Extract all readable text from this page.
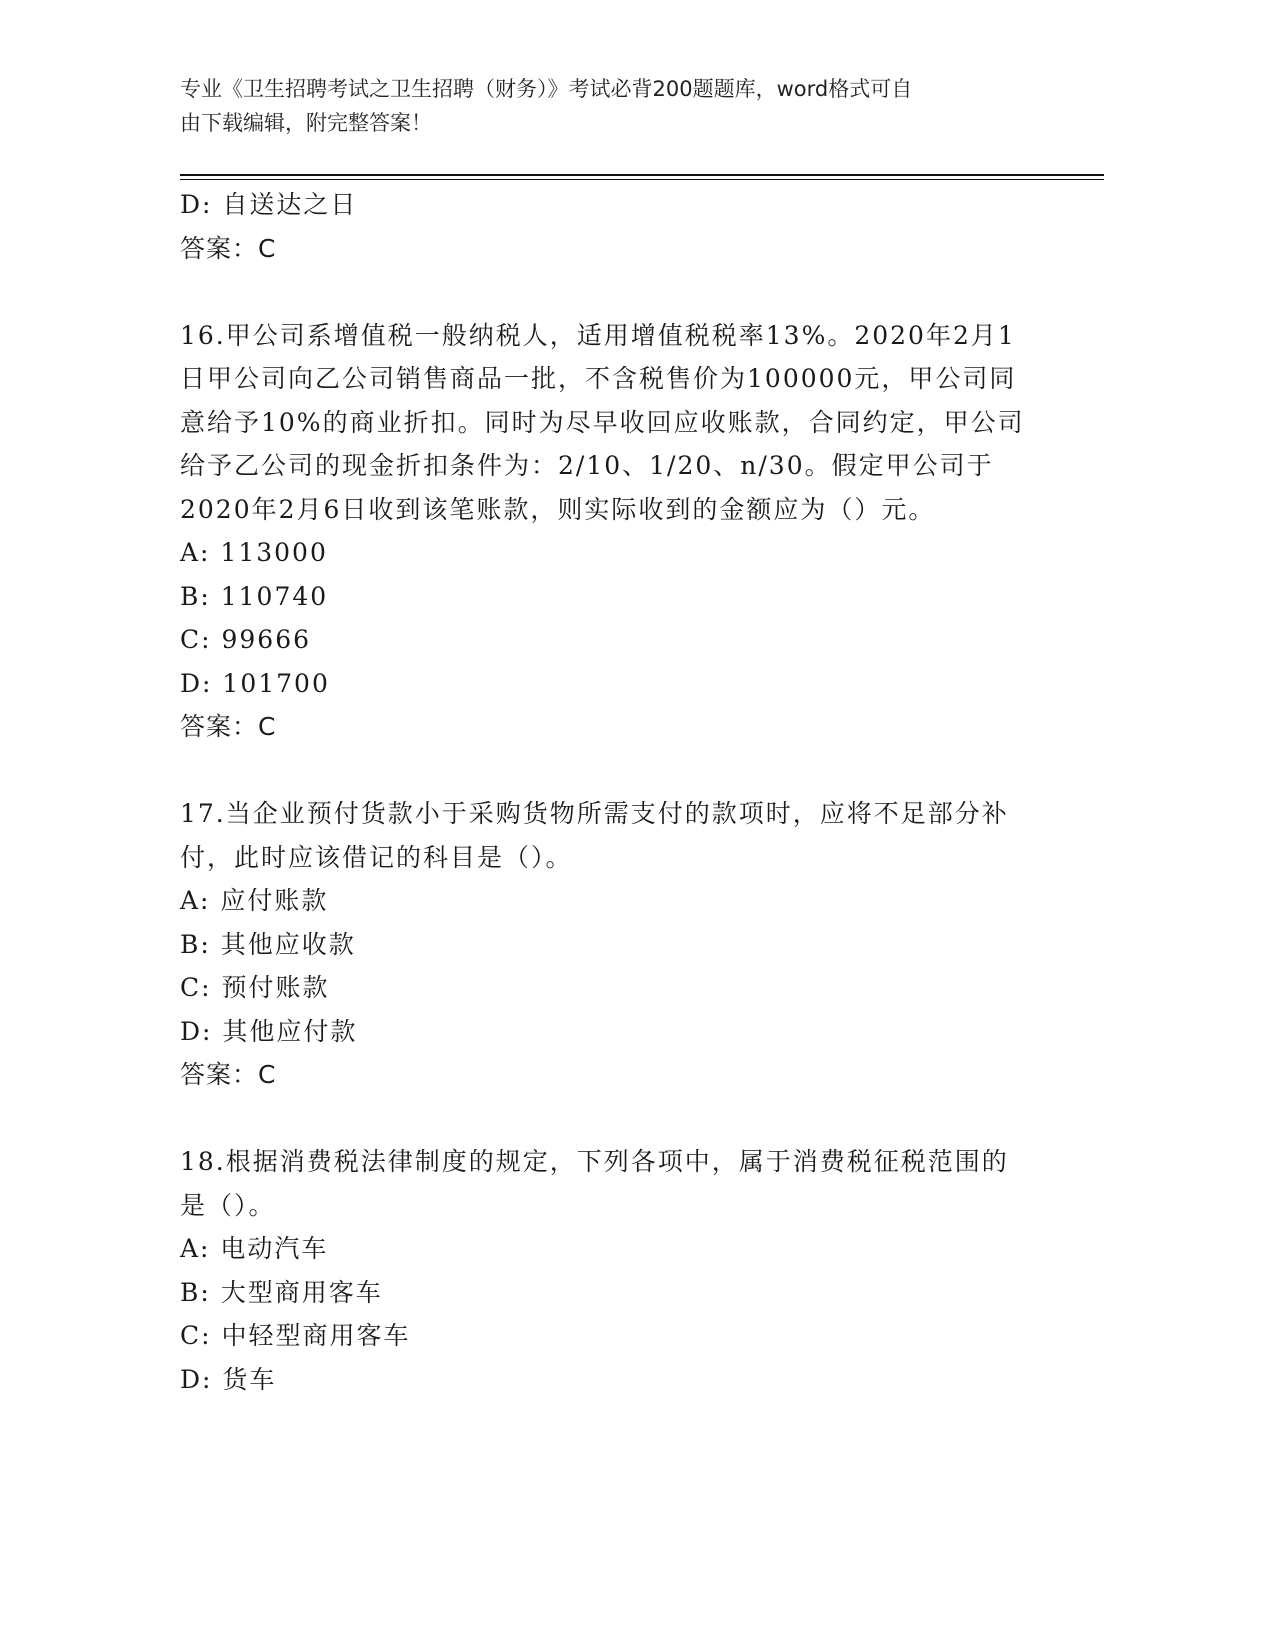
专业《卫生招聘考试之卫生招聘（财务）》考试必背200题题库，word格式可自
由下载编辑，附完整答案！
D: 自送达之日
答案：C
16.甲公司系增值税一般纳税人，适用增值税税率13%。2020年2月1
日甲公司向乙公司销售商品一批，不含税售价为100000元，甲公司同
意给予10%的商业折扣。同时为尽早收回应收账款，合同约定，甲公司
给予乙公司的现金折扣条件为：2/10、1/20、n/30。假定甲公司于
2020年2月6日收到该笔账款，则实际收到的金额应为（）元。
A: 113000
B: 110740
C: 99666
D: 101700
答案：C
17.当企业预付货款小于采购货物所需支付的款项时，应将不足部分补
付，此时应该借记的科目是（）。
A: 应付账款
B: 其他应收款
C: 预付账款
D: 其他应付款
答案：C
18.根据消费税法律制度的规定，下列各项中，属于消费税征税范围的
是（）。
A: 电动汽车
B: 大型商用客车
C: 中轻型商用客车
D: 货车
